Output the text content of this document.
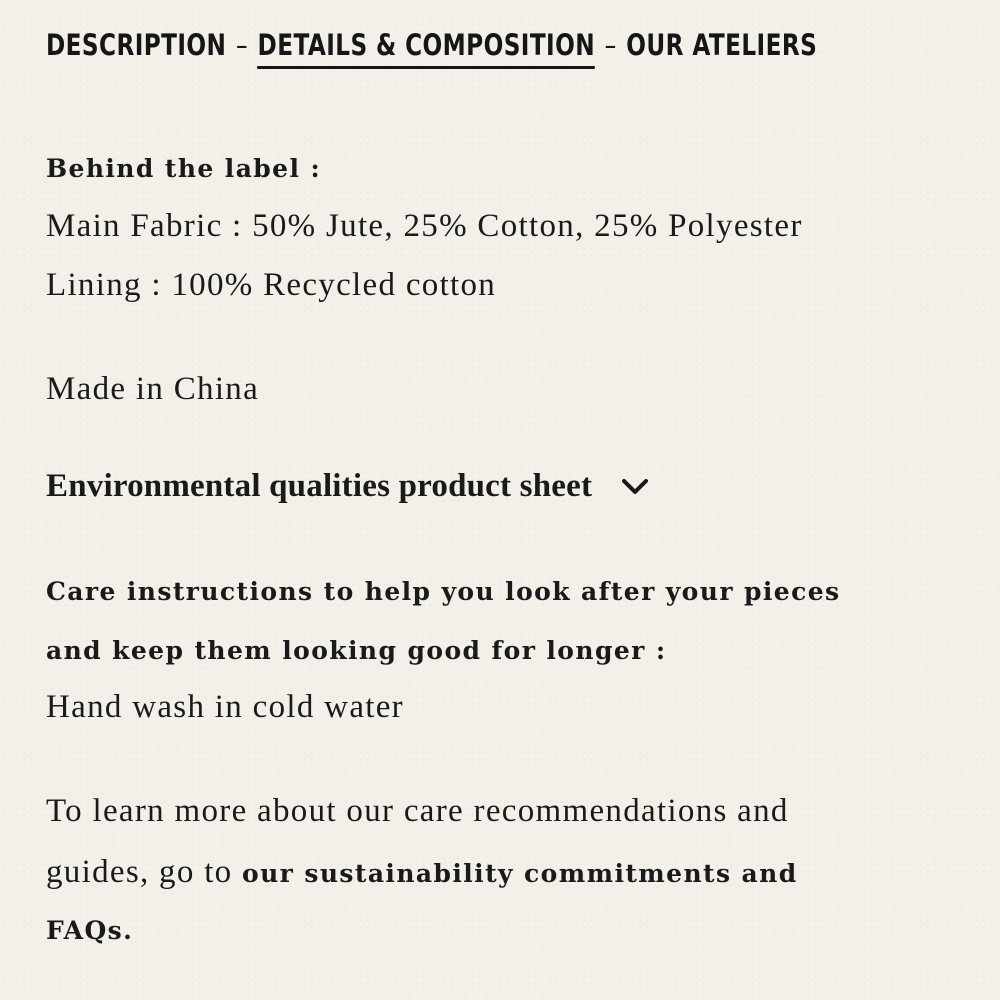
DESCRIPTION – DETAILS & COMPOSITION – OUR ATELIERS
Behind the label :
Main Fabric : 50% Jute, 25% Cotton, 25% Polyester
Lining : 100% Recycled cotton
Made in China
Environmental qualities product sheet
Care instructions to help you look after your pieces
and keep them looking good for longer :
Hand wash in cold water
To learn more about our care recommendations and
guides, go to our sustainability commitments and
FAQs.
